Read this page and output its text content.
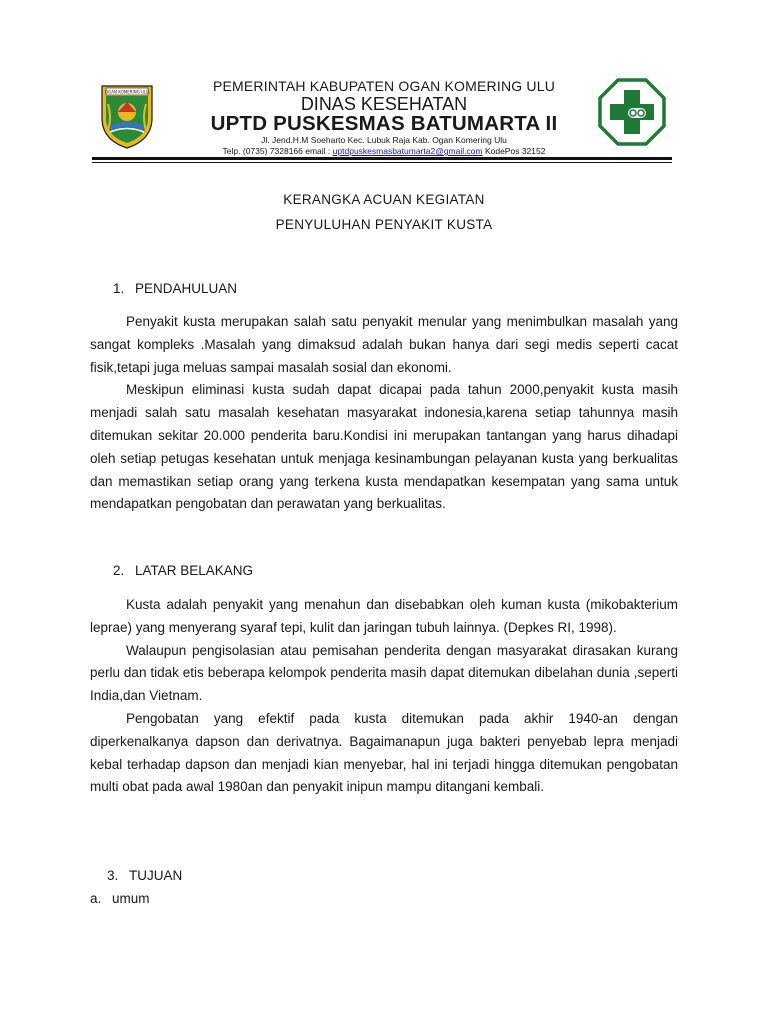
OGAN KOMERING ULU	PEMERINTAH KABUPATEN OGAN KOMERING ULU
DINAS KESEHATAN
UPTD PUSKESMAS BATUMARTA II
Jl. Jend.H.M Soeharto Kec. Lubuk Raja Kab. Ogan Komering Ulu
Telp. (0735) 7328166 email : uptdpuskesmasbatumarta2@gmail.com KodePos 32152
KERANGKA ACUAN KEGIATAN
PENYULUHAN PENYAKIT KUSTA
1. PENDAHULUAN

Penyakit kusta merupakan salah satu penyakit menular yang menimbulkan masalah yang sangat kompleks .Masalah yang dimaksud adalah bukan hanya dari segi medis seperti cacat fisik,tetapi juga meluas sampai masalah sosial dan ekonomi.

Meskipun eliminasi kusta sudah dapat dicapai pada tahun 2000,penyakit kusta masih menjadi salah satu masalah kesehatan masyarakat indonesia,karena setiap tahunnya masih ditemukan sekitar 20.000 penderita baru.Kondisi ini merupakan tantangan yang harus dihadapi oleh setiap petugas kesehatan untuk menjaga kesinambungan pelayanan kusta yang berkualitas dan memastikan setiap orang yang terkena kusta mendapatkan kesempatan yang sama untuk mendapatkan pengobatan dan perawatan yang berkualitas.

2. LATAR BELAKANG

Kusta adalah penyakit yang menahun dan disebabkan oleh kuman kusta (mikobakterium leprae) yang menyerang syaraf tepi, kulit dan jaringan tubuh lainnya. (Depkes RI, 1998).

Walaupun pengisolasian atau pemisahan penderita dengan masyarakat dirasakan kurang perlu dan tidak etis beberapa kelompok penderita masih dapat ditemukan dibelahan dunia ,seperti India,dan Vietnam.

Pengobatan yang efektif pada kusta ditemukan pada akhir 1940-an dengan diperkenalkanya dapson dan derivatnya. Bagaimanapun juga bakteri penyebab lepra menjadi kebal terhadap dapson dan menjadi kian menyebar, hal ini terjadi hingga ditemukan pengobatan multi obat pada awal 1980an dan penyakit inipun mampu ditangani kembali.

3. TUJUAN
a. umum
